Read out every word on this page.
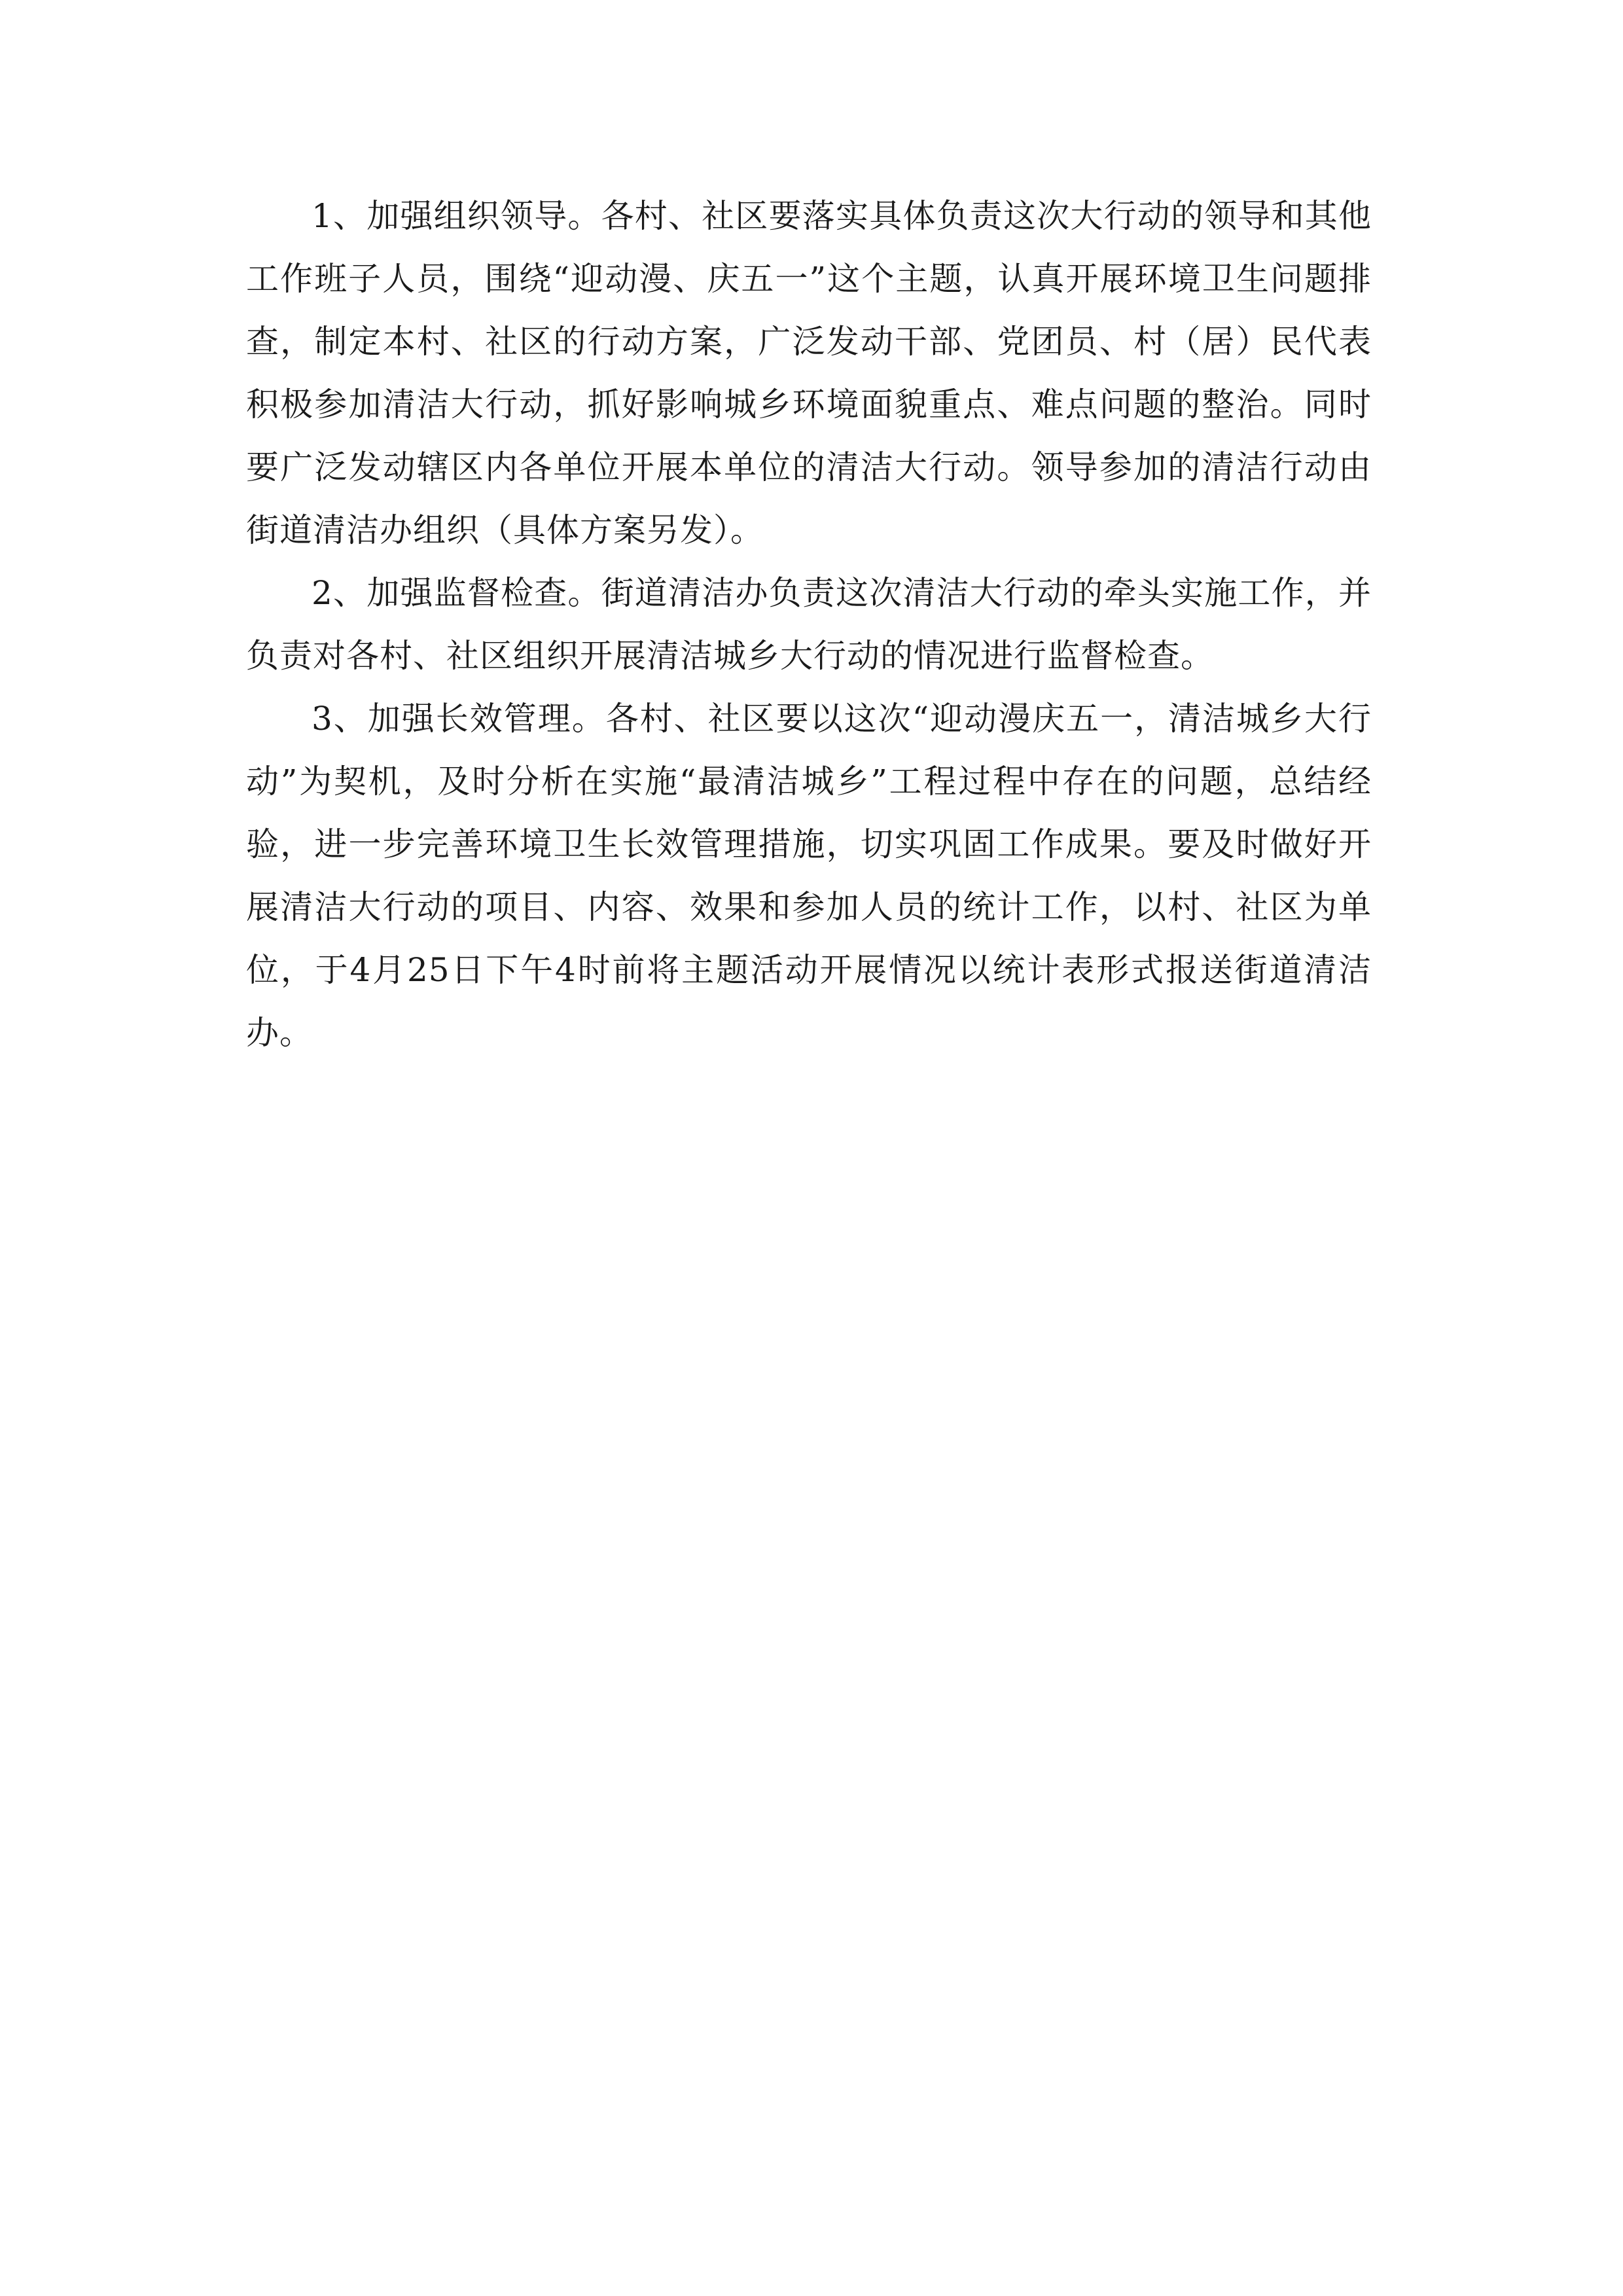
1、加强组织领导。各村、社区要落实具体负责这次大行动的领导和其他工作班子人员，围绕“迎动漫、庆五一”这个主题，认真开展环境卫生问题排查，制定本村、社区的行动方案，广泛发动干部、党团员、村（居）民代表积极参加清洁大行动，抓好影响城乡环境面貌重点、难点问题的整治。同时要广泛发动辖区内各单位开展本单位的清洁大行动。领导参加的清洁行动由街道清洁办组织（具体方案另发）。

2、加强监督检查。街道清洁办负责这次清洁大行动的牵头实施工作，并负责对各村、社区组织开展清洁城乡大行动的情况进行监督检查。

3、加强长效管理。各村、社区要以这次“迎动漫庆五一，清洁城乡大行动”为契机，及时分析在实施“最清洁城乡”工程过程中存在的问题，总结经验，进一步完善环境卫生长效管理措施，切实巩固工作成果。要及时做好开展清洁大行动的项目、内容、效果和参加人员的统计工作，以村、社区为单位，于4月25日下午4时前将主题活动开展情况以统计表形式报送街道清洁办。
